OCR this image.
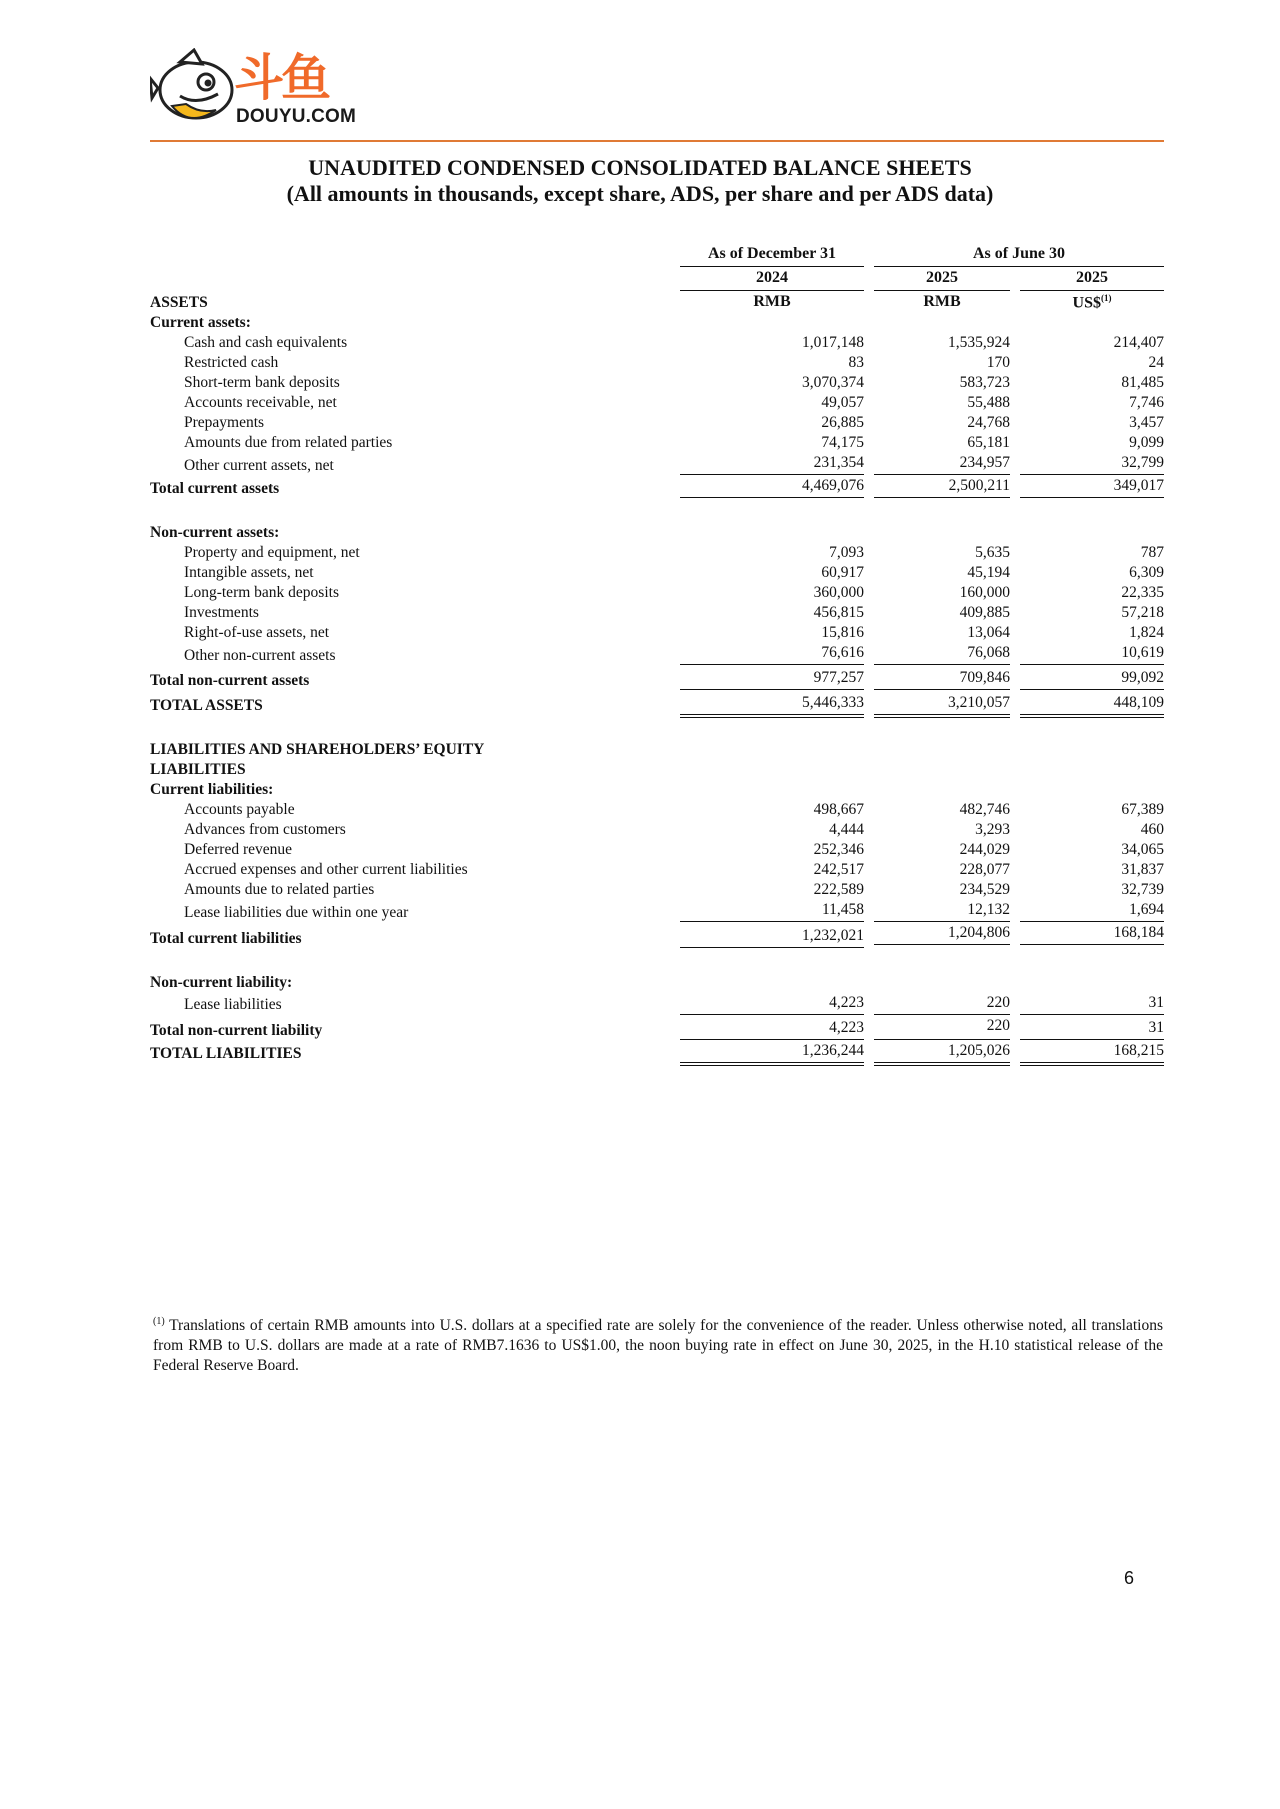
斗鱼
DOUYU.COM
UNAUDITED CONDENSED CONSOLIDATED BALANCE SHEETS
(All amounts in thousands, except share, ADS, per share and per ADS data)
As of December 31	As of June 30
2024	2025	2025
RMB	RMB	US\$$^{(1)}$
ASSETS
Current assets:
Cash and cash equivalents	1,017,148	1,535,924	214,407
Restricted cash	83	170	24
Short-term bank deposits	3,070,374	583,723	81,485
Accounts receivable, net	49,057	55,488	7,746
Prepayments	26,885	24,768	3,457
Amounts due from related parties	74,175	65,181	9,099
Other current assets, net	231,354	234,957	32,799
Total current assets	4,469,076	2,500,211	349,017
Non-current assets:
Property and equipment, net	7,093	5,635	787
Intangible assets, net	60,917	45,194	6,309
Long-term bank deposits	360,000	160,000	22,335
Investments	456,815	409,885	57,218
Right-of-use assets, net	15,816	13,064	1,824
Other non-current assets	76,616	76,068	10,619
Total non-current assets	977,257	709,846	99,092
TOTAL ASSETS	5,446,333	3,210,057	448,109
LIABILITIES AND SHAREHOLDERS’ EQUITY
LIABILITIES
Current liabilities:
Accounts payable	498,667	482,746	67,389
Advances from customers	4,444	3,293	460
Deferred revenue	252,346	244,029	34,065
Accrued expenses and other current liabilities	242,517	228,077	31,837
Amounts due to related parties	222,589	234,529	32,739
Lease liabilities due within one year	11,458	12,132	1,694
Total current liabilities	1,232,021	1,204,806	168,184
Non-current liability:
Lease liabilities	4,223	220	31
Total non-current liability	4,223	220	31
TOTAL LIABILITIES	1,236,244	1,205,026	168,215
$^{(1)}$ Translations of certain RMB amounts into U.S. dollars at a specified rate are solely for the convenience of the reader. Unless otherwise noted, all translations from RMB to U.S. dollars are made at a rate of RMB7.1636 to US$1.00, the noon buying rate in effect on June 30, 2025, in the H.10 statistical release of the Federal Reserve Board.
6
